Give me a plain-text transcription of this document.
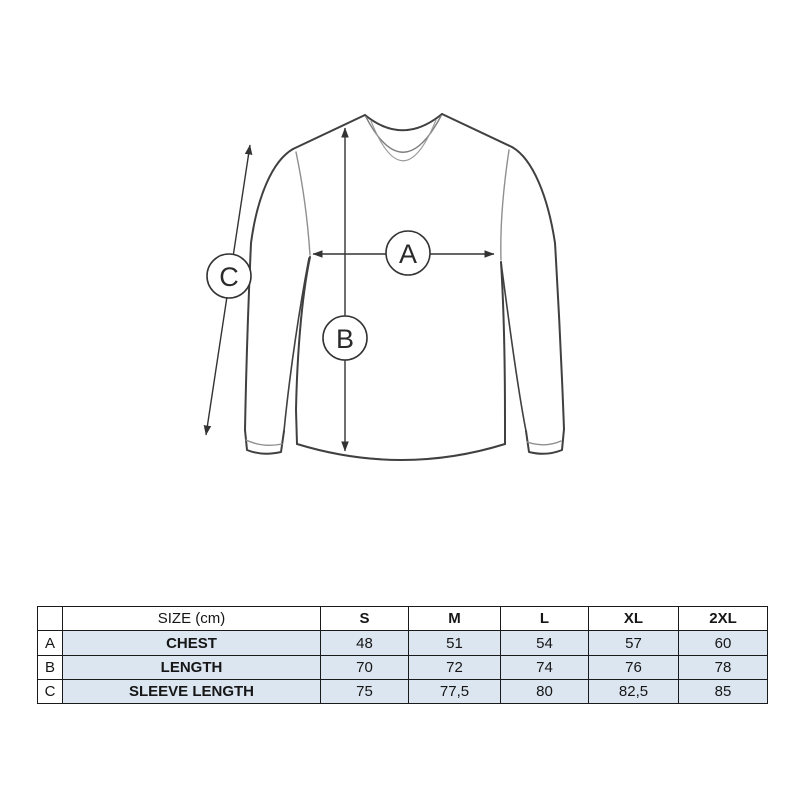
A
B
C
	SIZE (cm)	S	M	L	XL	2XL
A	CHEST	48	51	54	57	60
B	LENGTH	70	72	74	76	78
C	SLEEVE LENGTH	75	77,5	80	82,5	85
